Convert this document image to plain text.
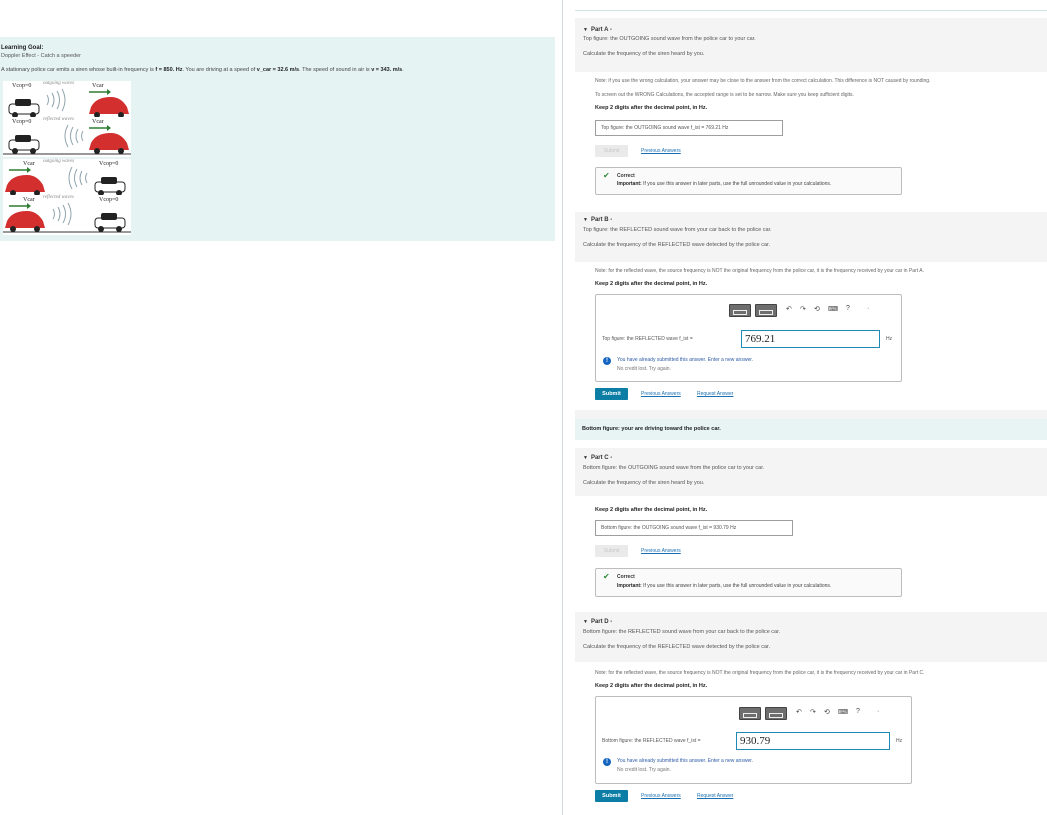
Learning Goal:
Doppler Effect - Catch a speeder
A stationary police car emits a siren whose built-in frequency is f = 850. Hz. You are driving at a speed of v_car = 32.6 m/s. The speed of sound in air is v = 343. m/s.
Vcop=0 outgoing waves	Vcar
Vcop=0 reflected waves	Vcar
Vcar outgoing waves	Vcop=0
Vcar reflected waves	Vcop=0
▼ Part A -
Top figure: the OUTGOING sound wave from the police car to your car.
Calculate the frequency of the siren heard by you.
Note: if you use the wrong calculation, your answer may be close to the answer from the correct calculation. This difference is NOT caused by rounding.
To screen out the WRONG Calculations, the accepted range is set to be narrow. Make sure you keep sufficient digits.
Keep 2 digits after the decimal point, in Hz.
Top figure: the OUTGOING sound wave f_ist = 769.21 Hz
Submit	Previous Answers
✔ Correct
Important: If you use this answer in later parts, use the full unrounded value in your calculations.
▼ Part B -
Top figure: the REFLECTED sound wave from your car back to the police car.
Calculate the frequency of the REFLECTED wave detected by the police car.
Note: for the reflected wave, the source frequency is NOT the original frequency from the police car, it is the frequency received by your car in Part A.
Keep 2 digits after the decimal point, in Hz.
↶ ↷ ⟲ ⌨ ? ·
Top figure: the REFLECTED wave f_ist =	769.21	Hz
!	You have already submitted this answer. Enter a new answer.
No credit lost. Try again.
Submit	Previous Answers	Request Answer
Bottom figure: your are driving toward the police car.
▼ Part C -
Bottom figure: the OUTGOING sound wave from the police car to your car.
Calculate the frequency of the siren heard by you.
Keep 2 digits after the decimal point, in Hz.
Bottom figure: the OUTGOING sound wave f_ist = 930.79 Hz
Submit	Previous Answers
✔ Correct
Important: If you use this answer in later parts, use the full unrounded value in your calculations.
▼ Part D -
Bottom figure: the REFLECTED sound wave from your car back to the police car.
Calculate the frequency of the REFLECTED wave detected by the police car.
Note: for the reflected wave, the source frequency is NOT the original frequency from the police car, it is the frequency received by your car in Part C.
Keep 2 digits after the decimal point, in Hz.
↶ ↷ ⟲ ⌨ ? ·
Bottom figure: the REFLECTED wave f_ist =	930.79	Hz
!	You have already submitted this answer. Enter a new answer.
No credit lost. Try again.
Submit	Previous Answers	Request Answer
